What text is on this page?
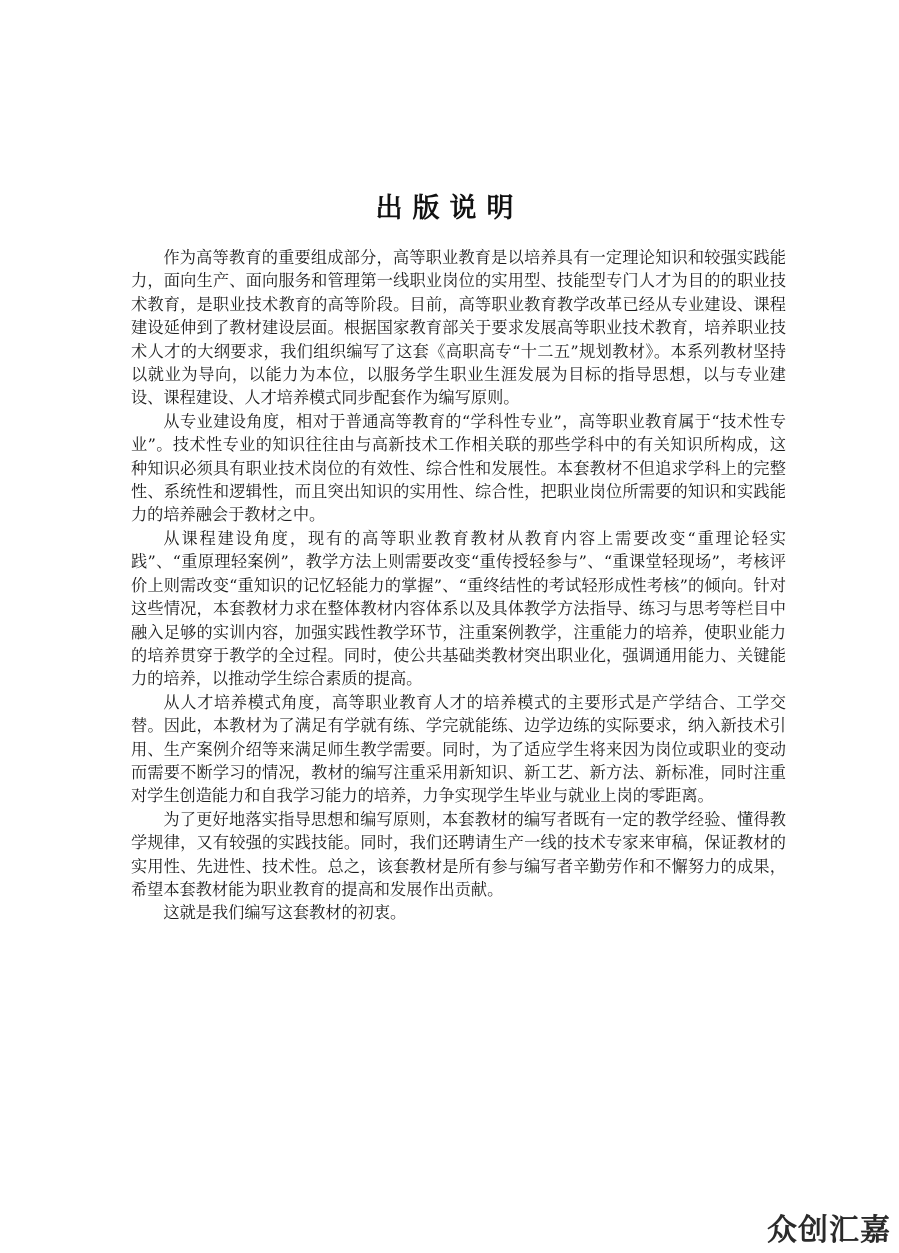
出版说明

作为高等教育的重要组成部分，高等职业教育是以培养具有一定理论知识和较强实践能力，面向生产、面向服务和管理第一线职业岗位的实用型、技能型专门人才为目的的职业技术教育，是职业技术教育的高等阶段。目前，高等职业教育教学改革已经从专业建设、课程建设延伸到了教材建设层面。根据国家教育部关于要求发展高等职业技术教育，培养职业技术人才的大纲要求，我们组织编写了这套《高职高专“十二五”规划教材》。本系列教材坚持以就业为导向，以能力为本位，以服务学生职业生涯发展为目标的指导思想，以与专业建设、课程建设、人才培养模式同步配套作为编写原则。

从专业建设角度，相对于普通高等教育的“学科性专业”，高等职业教育属于“技术性专业”。技术性专业的知识往往由与高新技术工作相关联的那些学科中的有关知识所构成，这种知识必须具有职业技术岗位的有效性、综合性和发展性。本套教材不但追求学科上的完整性、系统性和逻辑性，而且突出知识的实用性、综合性，把职业岗位所需要的知识和实践能力的培养融会于教材之中。

从课程建设角度，现有的高等职业教育教材从教育内容上需要改变“重理论轻实践”、“重原理轻案例”，教学方法上则需要改变“重传授轻参与”、“重课堂轻现场”，考核评价上则需改变“重知识的记忆轻能力的掌握”、“重终结性的考试轻形成性考核”的倾向。针对这些情况，本套教材力求在整体教材内容体系以及具体教学方法指导、练习与思考等栏目中融入足够的实训内容，加强实践性教学环节，注重案例教学，注重能力的培养，使职业能力的培养贯穿于教学的全过程。同时，使公共基础类教材突出职业化，强调通用能力、关键能力的培养，以推动学生综合素质的提高。

从人才培养模式角度，高等职业教育人才的培养模式的主要形式是产学结合、工学交替。因此，本教材为了满足有学就有练、学完就能练、边学边练的实际要求，纳入新技术引用、生产案例介绍等来满足师生教学需要。同时，为了适应学生将来因为岗位或职业的变动而需要不断学习的情况，教材的编写注重采用新知识、新工艺、新方法、新标准，同时注重对学生创造能力和自我学习能力的培养，力争实现学生毕业与就业上岗的零距离。

为了更好地落实指导思想和编写原则，本套教材的编写者既有一定的教学经验、懂得教学规律，又有较强的实践技能。同时，我们还聘请生产一线的技术专家来审稿，保证教材的实用性、先进性、技术性。总之，该套教材是所有参与编写者辛勤劳作和不懈努力的成果，希望本套教材能为职业教育的提高和发展作出贡献。

这就是我们编写这套教材的初衷。

众创汇嘉
